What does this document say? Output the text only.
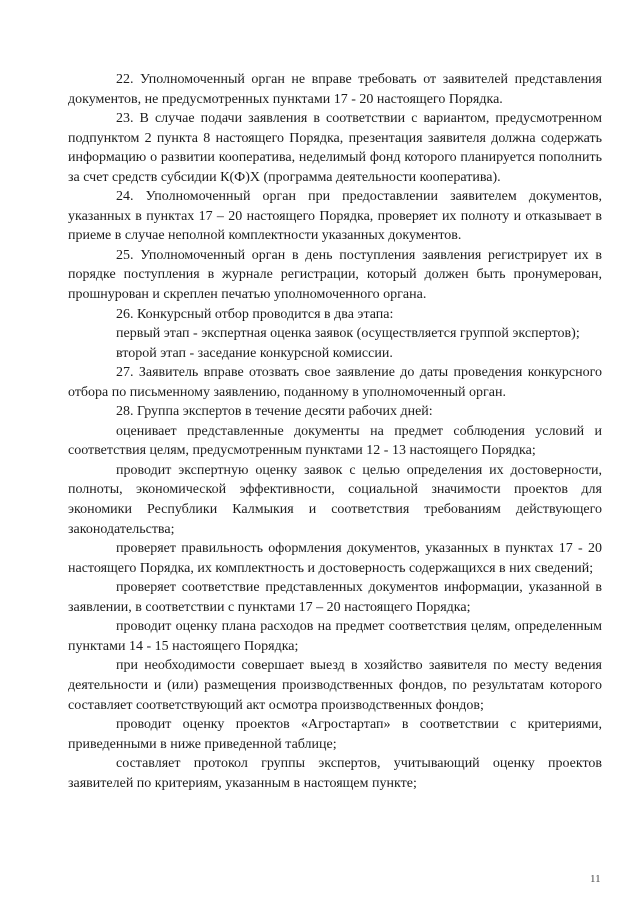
22. Уполномоченный орган не вправе требовать от заявителей представления документов, не предусмотренных пунктами 17 - 20 настоящего Порядка.

23. В случае подачи заявления в соответствии с вариантом, предусмотренном подпунктом 2 пункта 8 настоящего Порядка, презентация заявителя должна содержать информацию о развитии кооператива, неделимый фонд которого планируется пополнить за счет средств субсидии К(Ф)Х (программа деятельности кооператива).

24. Уполномоченный орган при предоставлении заявителем документов, указанных в пунктах 17 – 20 настоящего Порядка, проверяет их полноту и отказывает в приеме в случае неполной комплектности указанных документов.

25. Уполномоченный орган в день поступления заявления регистрирует их в порядке поступления в журнале регистрации, который должен быть пронумерован, прошнурован и скреплен печатью уполномоченного органа.

26. Конкурсный отбор проводится в два этапа:

первый этап - экспертная оценка заявок (осуществляется группой экспертов);

второй этап - заседание конкурсной комиссии.

27. Заявитель вправе отозвать свое заявление до даты проведения конкурсного отбора по письменному заявлению, поданному в уполномоченный орган.

28. Группа экспертов в течение десяти рабочих дней:

оценивает представленные документы на предмет соблюдения условий и соответствия целям, предусмотренным пунктами 12 - 13 настоящего Порядка;

проводит экспертную оценку заявок с целью определения их достоверности, полноты, экономической эффективности, социальной значимости проектов для экономики Республики Калмыкия и соответствия требованиям действующего законодательства;

проверяет правильность оформления документов, указанных в пунктах 17 - 20 настоящего Порядка, их комплектность и достоверность содержащихся в них сведений;

проверяет соответствие представленных документов информации, указанной в заявлении, в соответствии с пунктами 17 – 20 настоящего Порядка;

проводит оценку плана расходов на предмет соответствия целям, определенным пунктами 14 - 15 настоящего Порядка;

при необходимости совершает выезд в хозяйство заявителя по месту ведения деятельности и (или) размещения производственных фондов, по результатам которого составляет соответствующий акт осмотра производственных фондов;

проводит оценку проектов «Агростартап» в соответствии с критериями, приведенными в ниже приведенной таблице;

составляет протокол группы экспертов, учитывающий оценку проектов заявителей по критериям, указанным в настоящем пункте;

11
